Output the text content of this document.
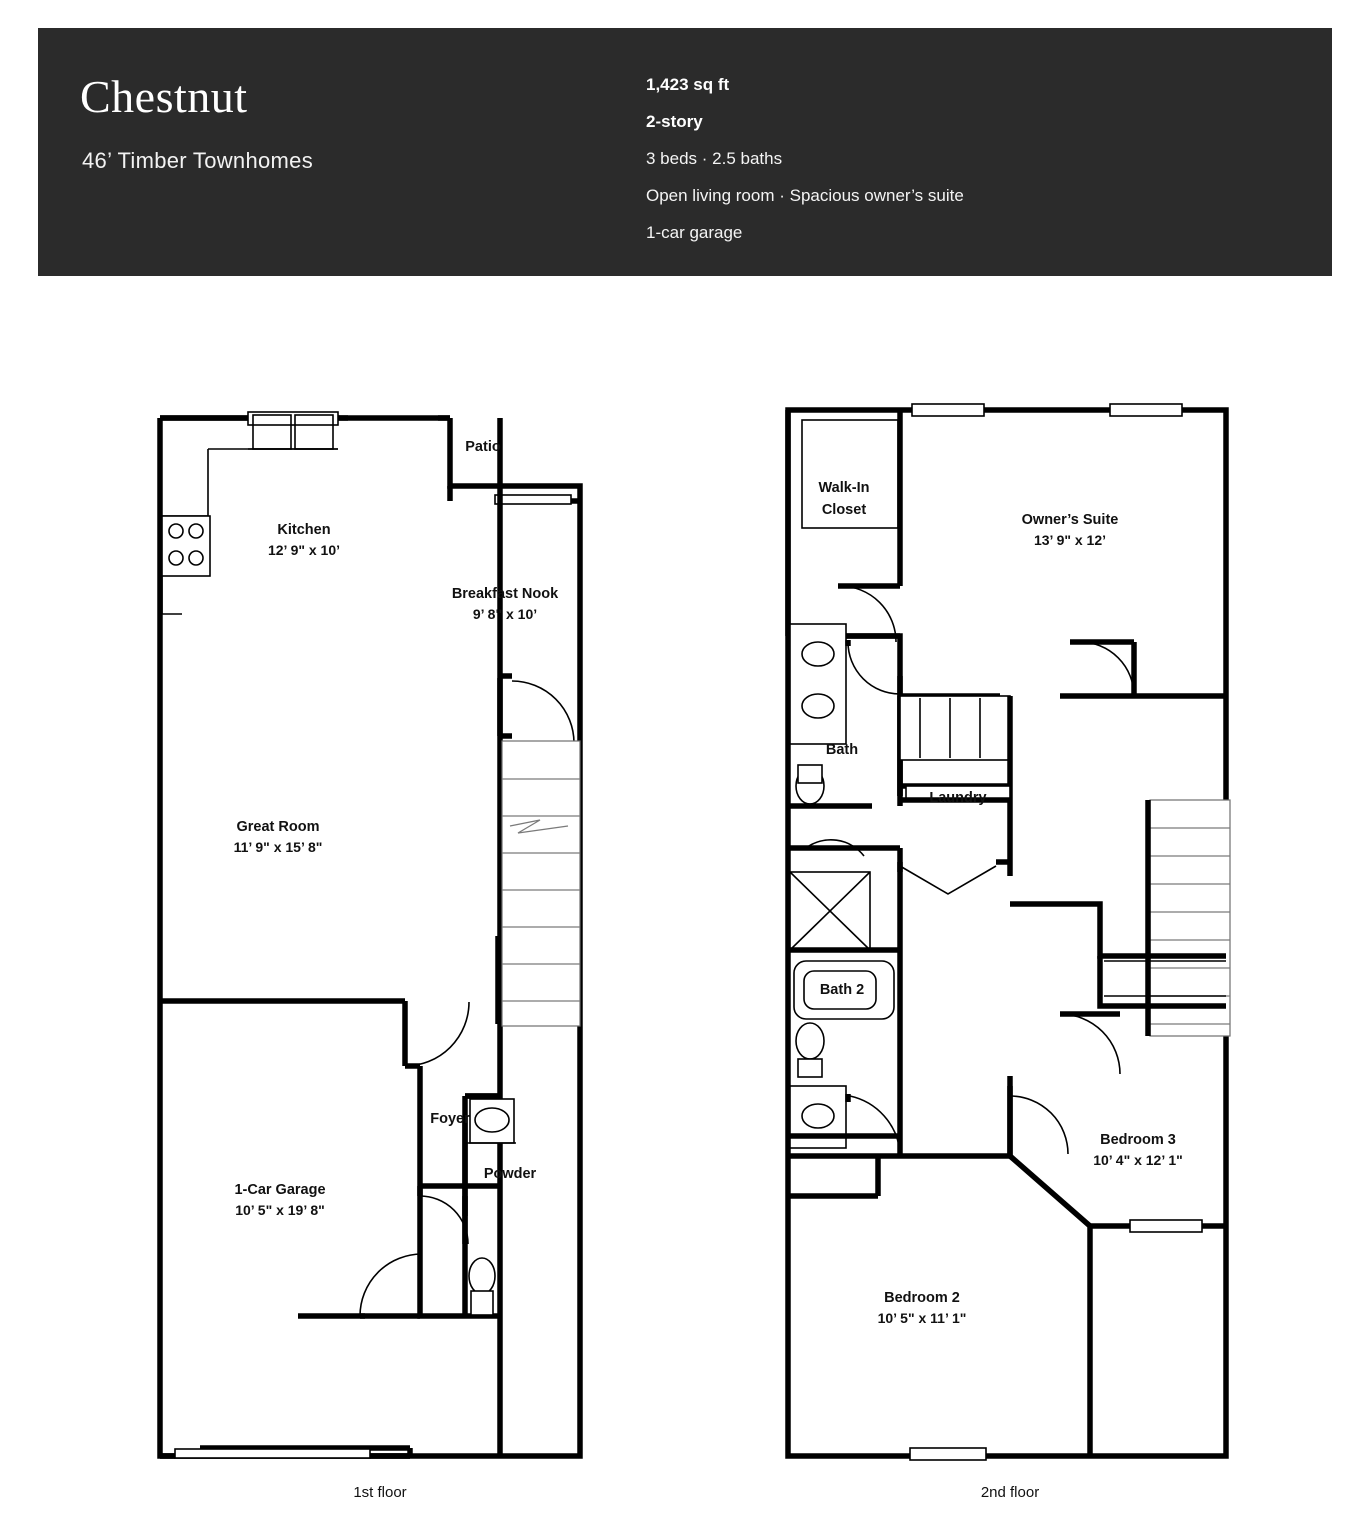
Chestnut
46’ Timber Townhomes
1,423 sq ft
2-story
3 beds · 2.5 baths
Open living room · Spacious owner’s suite
1-car garage
Patio
Kitchen
12’ 9" x 10’
Breakfast Nook
9’ 8" x 10’
Great Room
11’ 9" x 15’ 8"
Foyer
Powder
1-Car Garage
10’ 5" x 19’ 8"
1st floor
Walk-In
Closet
Owner’s Suite
13’ 9" x 12’
Bath
Laundry
Bath 2
Bedroom 3
10’ 4" x 12’ 1"
Bedroom 2
10’ 5" x 11’ 1"
2nd floor
